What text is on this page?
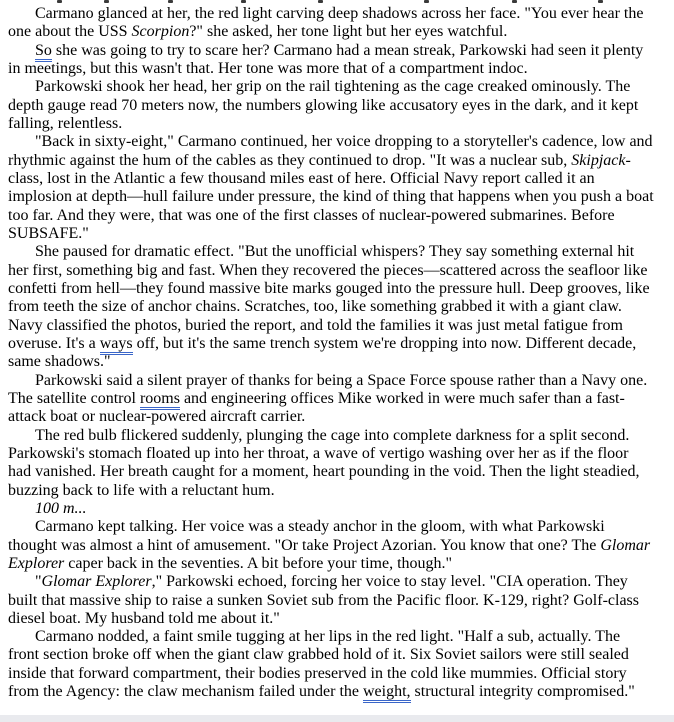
Carmano glanced at her, the red light carving deep shadows across her face. "You ever hear the one about the USS Scorpion?" she asked, her tone light but her eyes watchful.

So she was going to try to scare her? Carmano had a mean streak, Parkowski had seen it plenty in meetings, but this wasn't that. Her tone was more that of a compartment indoc.

Parkowski shook her head, her grip on the rail tightening as the cage creaked ominously. The depth gauge read 70 meters now, the numbers glowing like accusatory eyes in the dark, and it kept falling, relentless.

"Back in sixty-eight," Carmano continued, her voice dropping to a storyteller's cadence, low and rhythmic against the hum of the cables as they continued to drop. "It was a nuclear sub, Skipjack-class, lost in the Atlantic a few thousand miles east of here. Official Navy report called it an implosion at depth—hull failure under pressure, the kind of thing that happens when you push a boat too far. And they were, that was one of the first classes of nuclear-powered submarines. Before SUBSAFE."

She paused for dramatic effect. "But the unofficial whispers? They say something external hit her first, something big and fast. When they recovered the pieces—scattered across the seafloor like confetti from hell—they found massive bite marks gouged into the pressure hull. Deep grooves, like from teeth the size of anchor chains. Scratches, too, like something grabbed it with a giant claw. Navy classified the photos, buried the report, and told the families it was just metal fatigue from overuse. It's a ways off, but it's the same trench system we're dropping into now. Different decade, same shadows."

Parkowski said a silent prayer of thanks for being a Space Force spouse rather than a Navy one. The satellite control rooms and engineering offices Mike worked in were much safer than a fast-attack boat or nuclear-powered aircraft carrier.

The red bulb flickered suddenly, plunging the cage into complete darkness for a split second. Parkowski's stomach floated up into her throat, a wave of vertigo washing over her as if the floor had vanished. Her breath caught for a moment, heart pounding in the void. Then the light steadied, buzzing back to life with a reluctant hum.

100 m...

Carmano kept talking. Her voice was a steady anchor in the gloom, with what Parkowski thought was almost a hint of amusement. "Or take Project Azorian. You know that one? The Glomar Explorer caper back in the seventies. A bit before your time, though."

"Glomar Explorer," Parkowski echoed, forcing her voice to stay level. "CIA operation. They built that massive ship to raise a sunken Soviet sub from the Pacific floor. K-129, right? Golf-class diesel boat. My husband told me about it."

Carmano nodded, a faint smile tugging at her lips in the red light. "Half a sub, actually. The front section broke off when the giant claw grabbed hold of it. Six Soviet sailors were still sealed inside that forward compartment, their bodies preserved in the cold like mummies. Official story from the Agency: the claw mechanism failed under the weight, structural integrity compromised."
